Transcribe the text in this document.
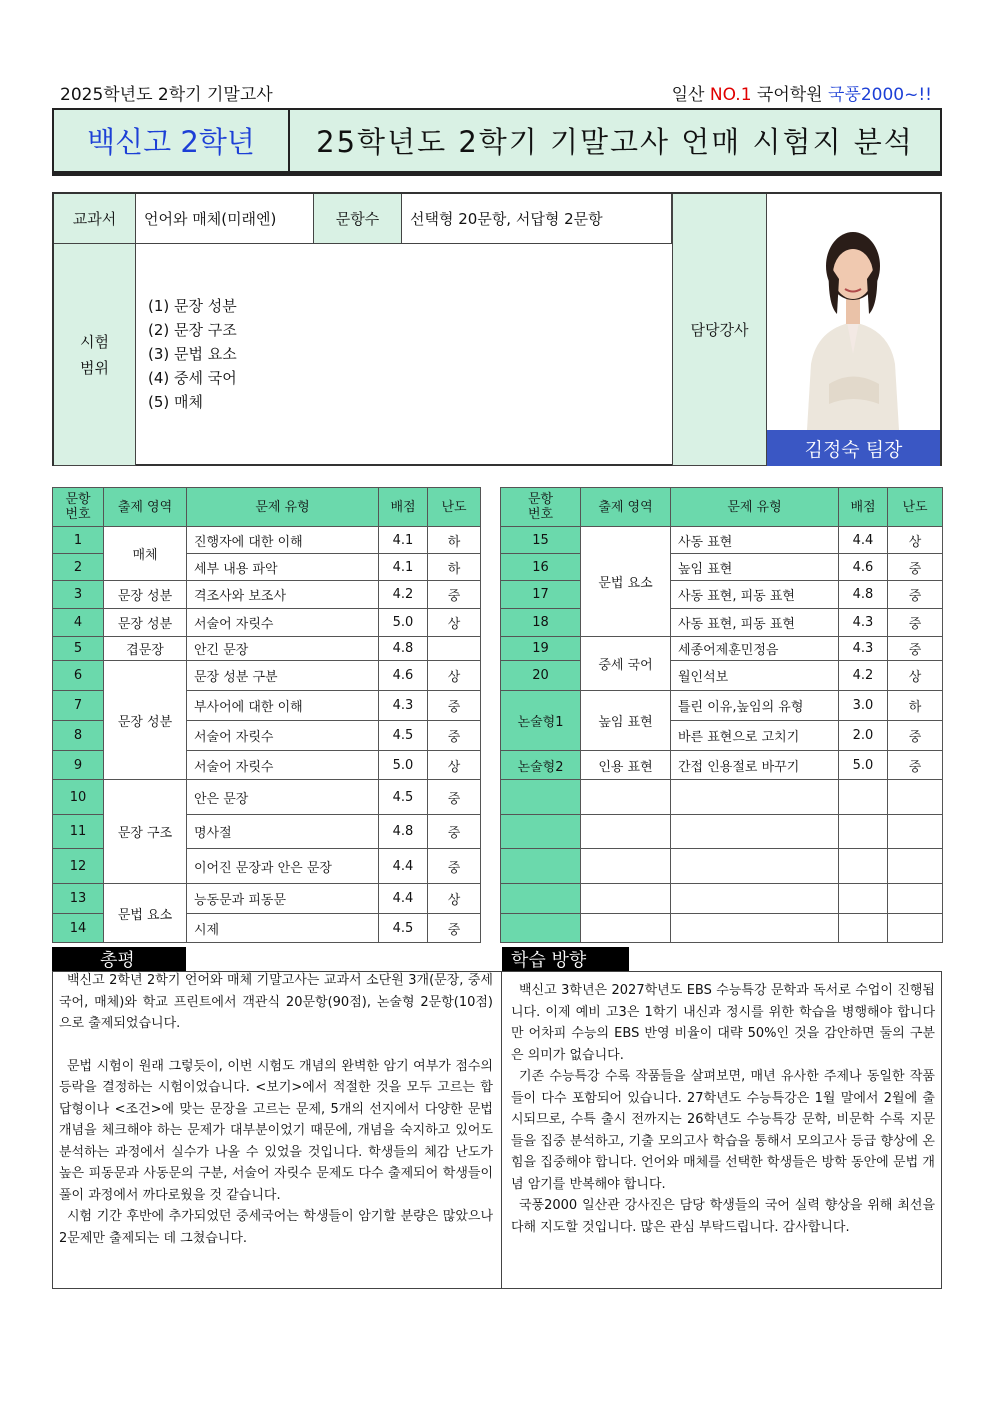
2025학년도 2학기 기말고사	일산 NO.1 국어학원 국풍2000~!!
백신고 2학년	25학년도 2학기 기말고사 언매 시험지 분석
교과서	언어와 매체(미래엔)	문항수	선택형 20문항, 서답형 2문항
시험
범위
(1) 문장 성분
(2) 문장 구조
(3) 문법 요소
(4) 중세 국어
(5) 매체
담당강사
김정숙 팀장
문항
번호	출제 영역	문제 유형	배점	난도
1	매체	진행자에 대한 이해	4.1	하
2		세부 내용 파악	4.1	하
3	문장 성분	격조사와 보조사	4.2	중
4	문장 성분	서술어 자릿수	5.0	상
5	겹문장	안긴 문장	4.8	
6	문장 성분	문장 성분 구분	4.6	상
7		부사어에 대한 이해	4.3	중
8		서술어 자릿수	4.5	중
9		서술어 자릿수	5.0	상
10	문장 구조	안은 문장	4.5	중
11		명사절	4.8	중
12		이어진 문장과 안은 문장	4.4	중
13	문법 요소	능동문과 피동문	4.4	상
14		시제	4.5	중
문항
번호	출제 영역	문제 유형	배점	난도
15	문법 요소	사동 표현	4.4	상
16		높임 표현	4.6	중
17		사동 표현, 피동 표현	4.8	중
18		사동 표현, 피동 표현	4.3	중
19	중세 국어	세종어제훈민정음	4.3	중
20		월인석보	4.2	상
논술형1	높임 표현	틀린 이유,높임의 유형	3.0	하
		바른 표현으로 고치기	2.0	중
논술형2	인용 표현	간접 인용절로 바꾸기	5.0	중

총평	학습 방향
백신고 2학년 2학기 언어와 매체 기말고사는 교과서 소단원 3개(문장, 중세국어, 매체)와 학교 프린트에서 객관식 20문항(90점), 논술형 2문항(10점)으로 출제되었습니다.
문법 시험이 원래 그렇듯이, 이번 시험도 개념의 완벽한 암기 여부가 점수의 등락을 결정하는 시험이었습니다. <보기>에서 적절한 것을 모두 고르는 합답형이나 <조건>에 맞는 문장을 고르는 문제, 5개의 선지에서 다양한 문법 개념을 체크해야 하는 문제가 대부분이었기 때문에, 개념을 숙지하고 있어도 분석하는 과정에서 실수가 나올 수 있었을 것입니다. 학생들의 체감 난도가 높은 피동문과 사동문의 구분, 서술어 자릿수 문제도 다수 출제되어 학생들이 풀이 과정에서 까다로웠을 것 같습니다.
시험 기간 후반에 추가되었던 중세국어는 학생들이 암기할 분량은 많았으나 2문제만 출제되는 데 그쳤습니다.
백신고 3학년은 2027학년도 EBS 수능특강 문학과 독서로 수업이 진행됩니다. 이제 예비 고3은 1학기 내신과 정시를 위한 학습을 병행해야 합니다만 어차피 수능의 EBS 반영 비율이 대략 50%인 것을 감안하면 둘의 구분은 의미가 없습니다.
기존 수능특강 수록 작품들을 살펴보면, 매년 유사한 주제나 동일한 작품들이 다수 포함되어 있습니다. 27학년도 수능특강은 1월 말에서 2월에 출시되므로, 수특 출시 전까지는 26학년도 수능특강 문학, 비문학 수록 지문들을 집중 분석하고, 기출 모의고사 학습을 통해서 모의고사 등급 향상에 온 힘을 집중해야 합니다. 언어와 매체를 선택한 학생들은 방학 동안에 문법 개념 암기를 반복해야 합니다.
국풍2000 일산관 강사진은 담당 학생들의 국어 실력 향상을 위해 최선을 다해 지도할 것입니다. 많은 관심 부탁드립니다. 감사합니다.
